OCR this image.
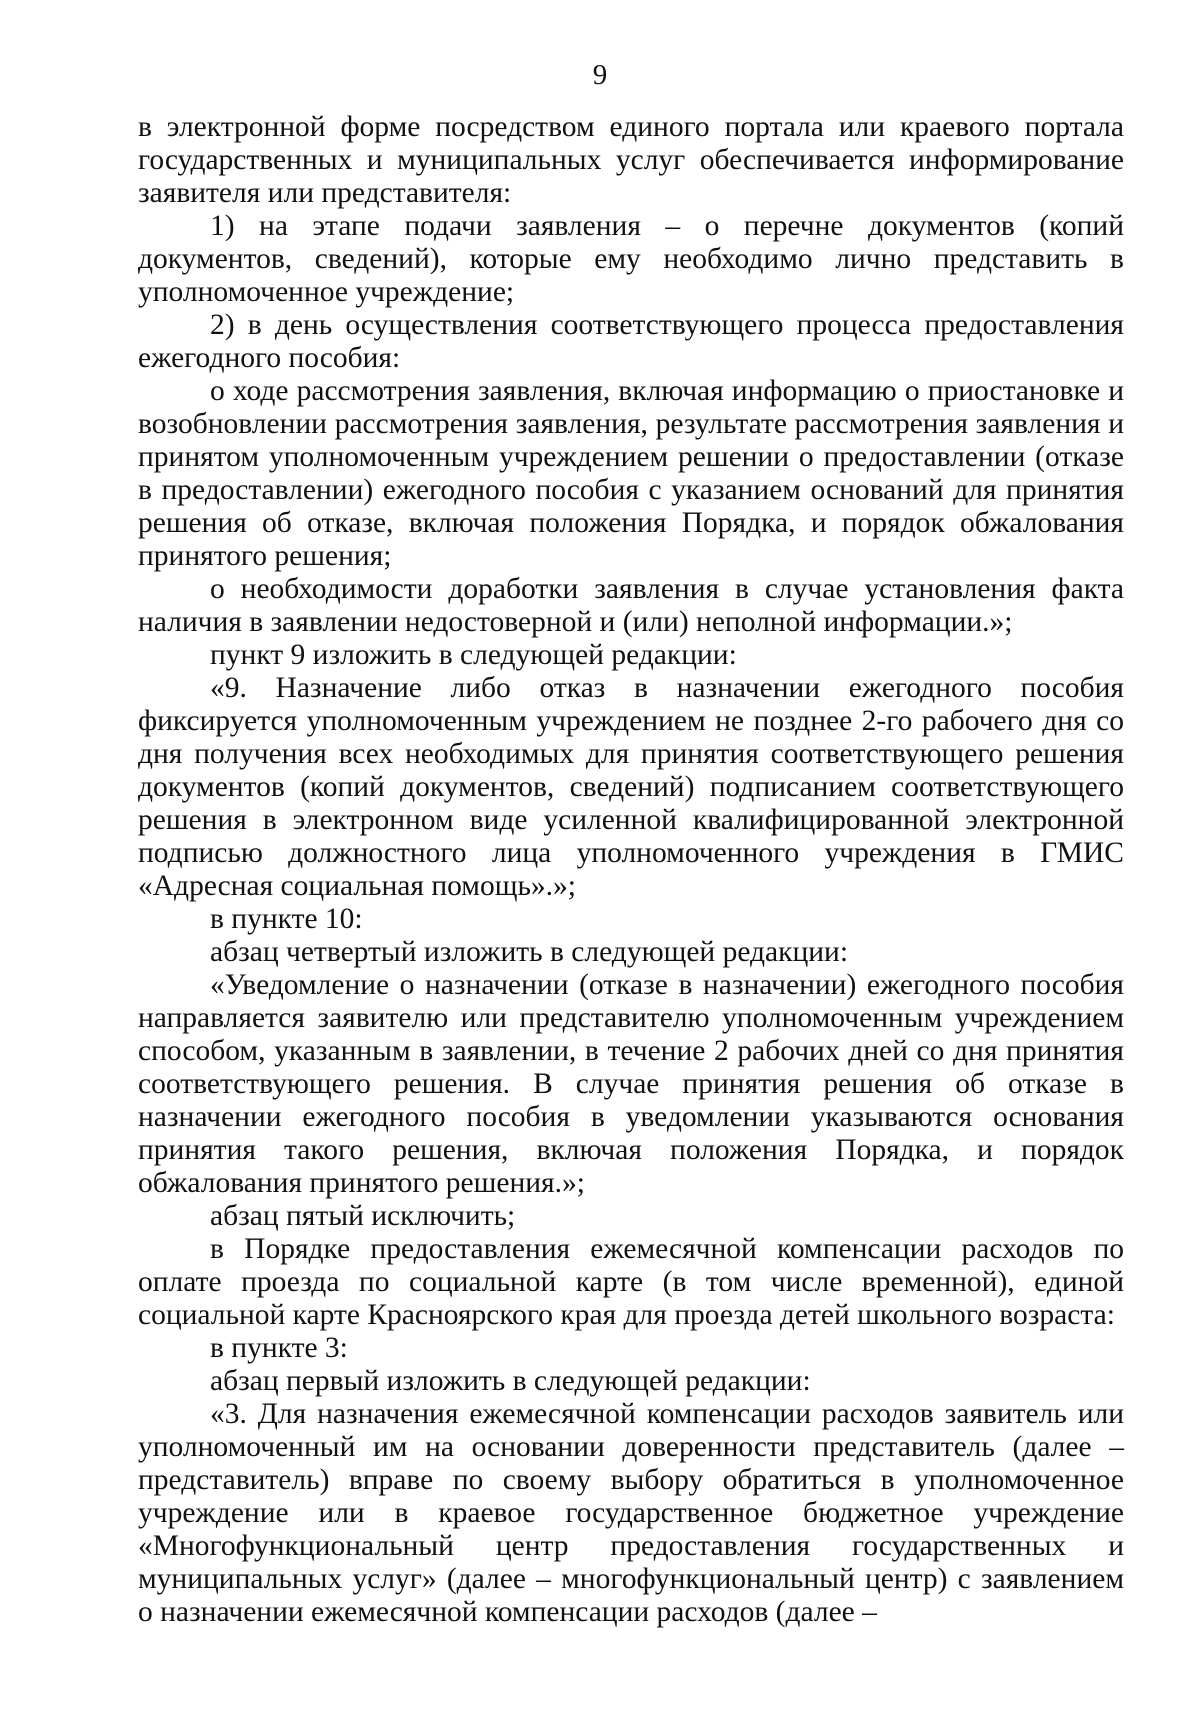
9

в электронной форме посредством единого портала или краевого портала государственных и муниципальных услуг обеспечивается информирование заявителя или представителя:

1) на этапе подачи заявления – о перечне документов (копий документов, сведений), которые ему необходимо лично представить в уполномоченное учреждение;

2) в день осуществления соответствующего процесса предоставления ежегодного пособия:

о ходе рассмотрения заявления, включая информацию о приостановке и возобновлении рассмотрения заявления, результате рассмотрения заявления и принятом уполномоченным учреждением решении о предоставлении (отказе в предоставлении) ежегодного пособия с указанием оснований для принятия решения об отказе, включая положения Порядка, и порядок обжалования принятого решения;

о необходимости доработки заявления в случае установления факта наличия в заявлении недостоверной и (или) неполной информации.»;

пункт 9 изложить в следующей редакции:

«9. Назначение либо отказ в назначении ежегодного пособия фиксируется уполномоченным учреждением не позднее 2-го рабочего дня со дня получения всех необходимых для принятия соответствующего решения документов (копий документов, сведений) подписанием соответствующего решения в электронном виде усиленной квалифицированной электронной подписью должностного лица уполномоченного учреждения в ГМИС «Адресная социальная помощь».»;

в пункте 10:

абзац четвертый изложить в следующей редакции:

«Уведомление о назначении (отказе в назначении) ежегодного пособия направляется заявителю или представителю уполномоченным учреждением способом, указанным в заявлении, в течение 2 рабочих дней со дня принятия соответствующего решения. В случае принятия решения об отказе в назначении ежегодного пособия в уведомлении указываются основания принятия такого решения, включая положения Порядка, и порядок обжалования принятого решения.»;

абзац пятый исключить;

в Порядке предоставления ежемесячной компенсации расходов по оплате проезда по социальной карте (в том числе временной), единой социальной карте Красноярского края для проезда детей школьного возраста:

в пункте 3:

абзац первый изложить в следующей редакции:

«3. Для назначения ежемесячной компенсации расходов заявитель или уполномоченный им на основании доверенности представитель (далее – представитель) вправе по своему выбору обратиться в уполномоченное учреждение или в краевое государственное бюджетное учреждение «Многофункциональный центр предоставления государственных и муниципальных услуг» (далее – многофункциональный центр) с заявлением о назначении ежемесячной компенсации расходов (далее –
